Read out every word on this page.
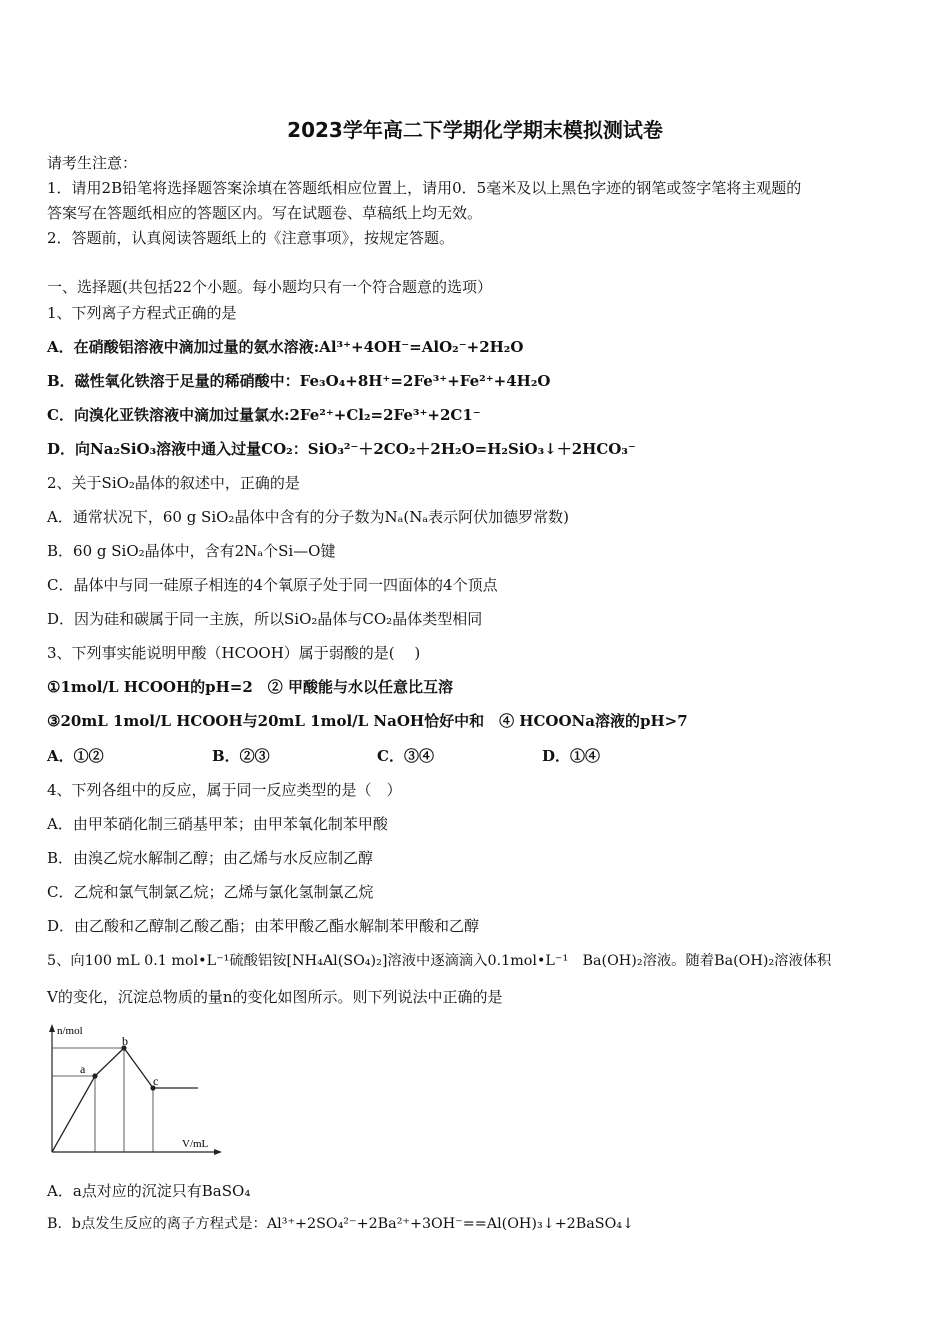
2023学年高二下学期化学期末模拟测试卷
请考生注意：
1．请用2B铅笔将选择题答案涂填在答题纸相应位置上，请用0．5毫米及以上黑色字迹的钢笔或签字笔将主观题的
答案写在答题纸相应的答题区内。写在试题卷、草稿纸上均无效。
2．答题前，认真阅读答题纸上的《注意事项》，按规定答题。
一、选择题(共包括22个小题。每小题均只有一个符合题意的选项）
1、下列离子方程式正确的是
A．在硝酸铝溶液中滴加过量的氨水溶液:Al³⁺+4OH⁻=AlO₂⁻+2H₂O
B．磁性氧化铁溶于足量的稀硝酸中：Fe₃O₄+8H⁺=2Fe³⁺+Fe²⁺+4H₂O
C．向溴化亚铁溶液中滴加过量氯水:2Fe²⁺+Cl₂=2Fe³⁺+2C1⁻
D．向Na₂SiO₃溶液中通入过量CO₂：SiO₃²⁻＋2CO₂＋2H₂O=H₂SiO₃↓＋2HCO₃⁻
2、关于SiO₂晶体的叙述中，正确的是
A．通常状况下，60 g SiO₂晶体中含有的分子数为Nₐ(Nₐ表示阿伏加德罗常数)
B．60 g SiO₂晶体中，含有2Nₐ个Si—O键
C．晶体中与同一硅原子相连的4个氧原子处于同一四面体的4个顶点
D．因为硅和碳属于同一主族，所以SiO₂晶体与CO₂晶体类型相同
3、下列事实能说明甲酸（HCOOH）属于弱酸的是(　 )
①1mol/L HCOOH的pH=2　② 甲酸能与水以任意比互溶
③20mL 1mol/L HCOOH与20mL 1mol/L NaOH恰好中和　④ HCOONa溶液的pH>7
A．①②	B．②③	C．③④	D．①④
4、下列各组中的反应，属于同一反应类型的是（　）
A．由甲苯硝化制三硝基甲苯；由甲苯氧化制苯甲酸
B．由溴乙烷水解制乙醇；由乙烯与水反应制乙醇
C．乙烷和氯气制氯乙烷；乙烯与氯化氢制氯乙烷
D．由乙酸和乙醇制乙酸乙酯；由苯甲酸乙酯水解制苯甲酸和乙醇
5、向100 mL 0.1 mol•L⁻¹硫酸铝铵[NH₄Al(SO₄)₂]溶液中逐滴滴入0.1mol•L⁻¹　Ba(OH)₂溶液。随着Ba(OH)₂溶液体积
V的变化，沉淀总物质的量n的变化如图所示。则下列说法中正确的是
n/mol
V/mL
a
b
c
A．a点对应的沉淀只有BaSO₄
B．b点发生反应的离子方程式是：Al³⁺+2SO₄²⁻+2Ba²⁺+3OH⁻==Al(OH)₃↓+2BaSO₄↓
